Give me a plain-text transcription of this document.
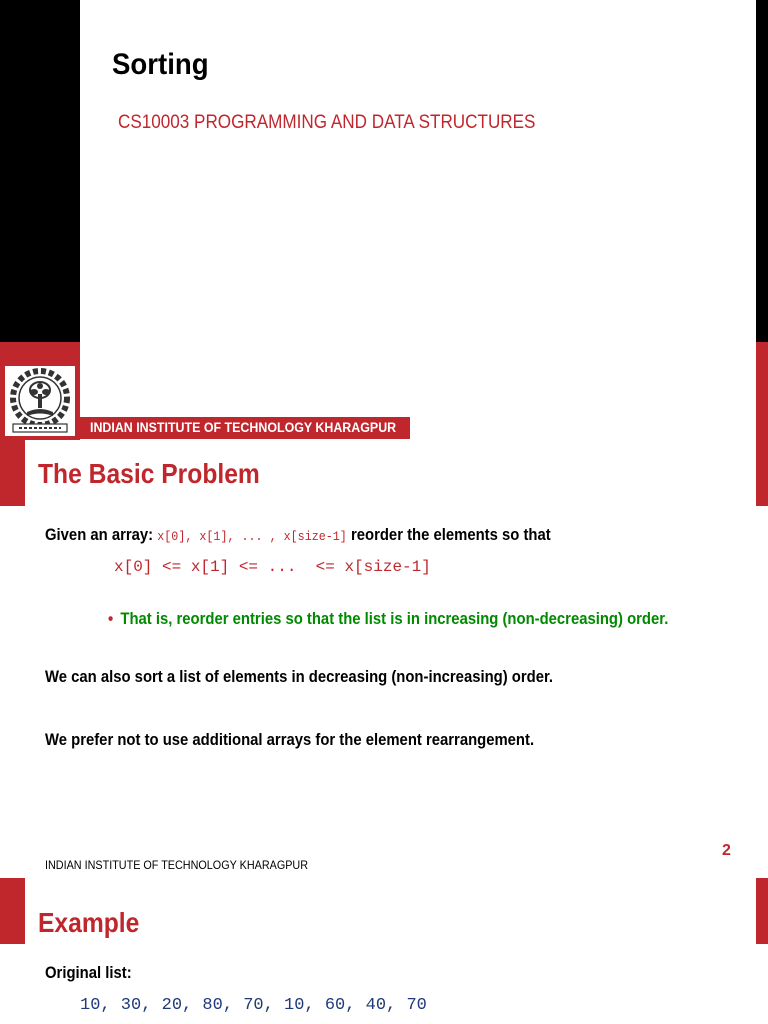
Sorting
CS10003 PROGRAMMING AND DATA STRUCTURES
INDIAN INSTITUTE OF TECHNOLOGY KHARAGPUR
The Basic Problem
Given an array: x[0], x[1], ... , x[size-1] reorder the elements so that
x[0] <= x[1] <= ...  <= x[size-1]
• That is, reorder entries so that the list is in increasing (non-decreasing) order.
We can also sort a list of elements in decreasing (non-increasing) order.
We prefer not to use additional arrays for the element rearrangement.
2
INDIAN INSTITUTE OF TECHNOLOGY KHARAGPUR
Example
Original list:
10, 30, 20, 80, 70, 10, 60, 40, 70
